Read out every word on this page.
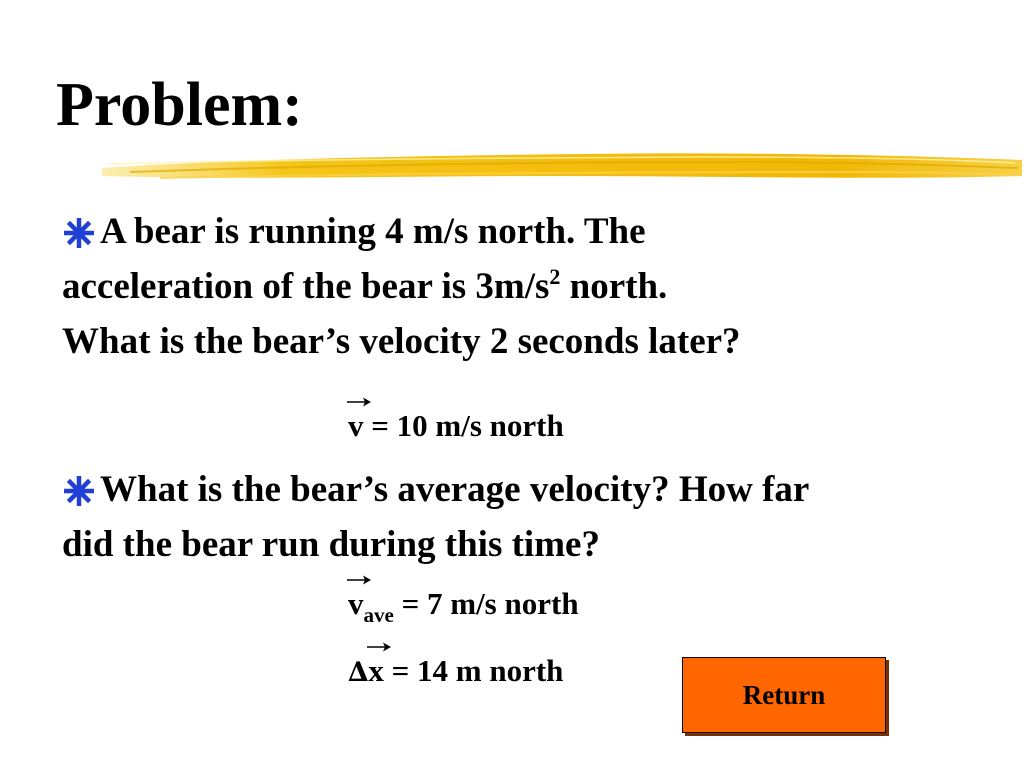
Problem:
A bear is running 4 m/s north. The
acceleration of the bear is $3m/s^2$ north.
What is the bear’s velocity 2 seconds later?
v = 10 m/s north
What is the bear’s average velocity? How far
did the bear run during this time?
$v_{ave} = 7$ m/s north
∆
x = 14 m north
Return
